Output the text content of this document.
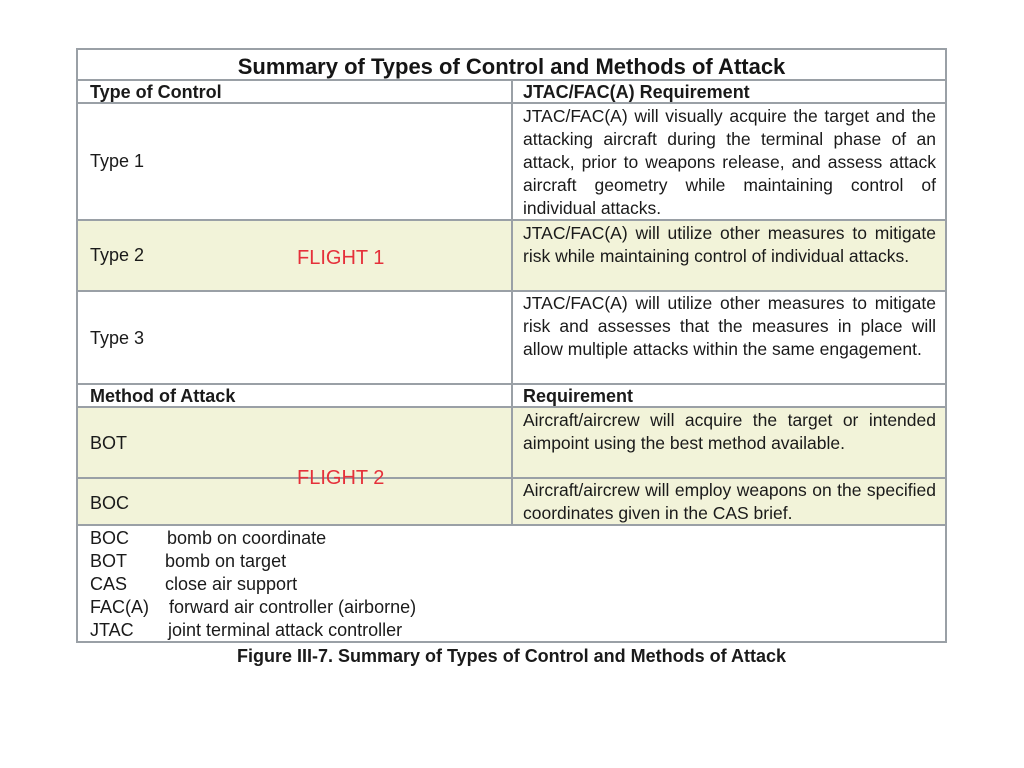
Summary of Types of Control and Methods of Attack
Type of Control	JTAC/FAC(A) Requirement
Type 1
JTAC/FAC(A) will visually acquire the target and the attacking aircraft during the terminal phase of an attack, prior to weapons release, and assess attack aircraft geometry while maintaining control of individual attacks.
Type 2
JTAC/FAC(A) will utilize other measures to mitigate risk while maintaining control of individual attacks.
Type 3
JTAC/FAC(A) will utilize other measures to mitigate risk and assesses that the measures in place will allow multiple attacks within the same engagement.
Method of Attack	Requirement
BOT
Aircraft/aircrew will acquire the target or intended aimpoint using the best method available.
BOC
Aircraft/aircrew will employ weapons on the specified coordinates given in the CAS brief.
BOC bomb on coordinate
BOT bomb on target
CAS close air support
FAC(A) forward air controller (airborne)
JTAC joint terminal attack controller
FLIGHT 1
FLIGHT 2
Figure III-7. Summary of Types of Control and Methods of Attack
